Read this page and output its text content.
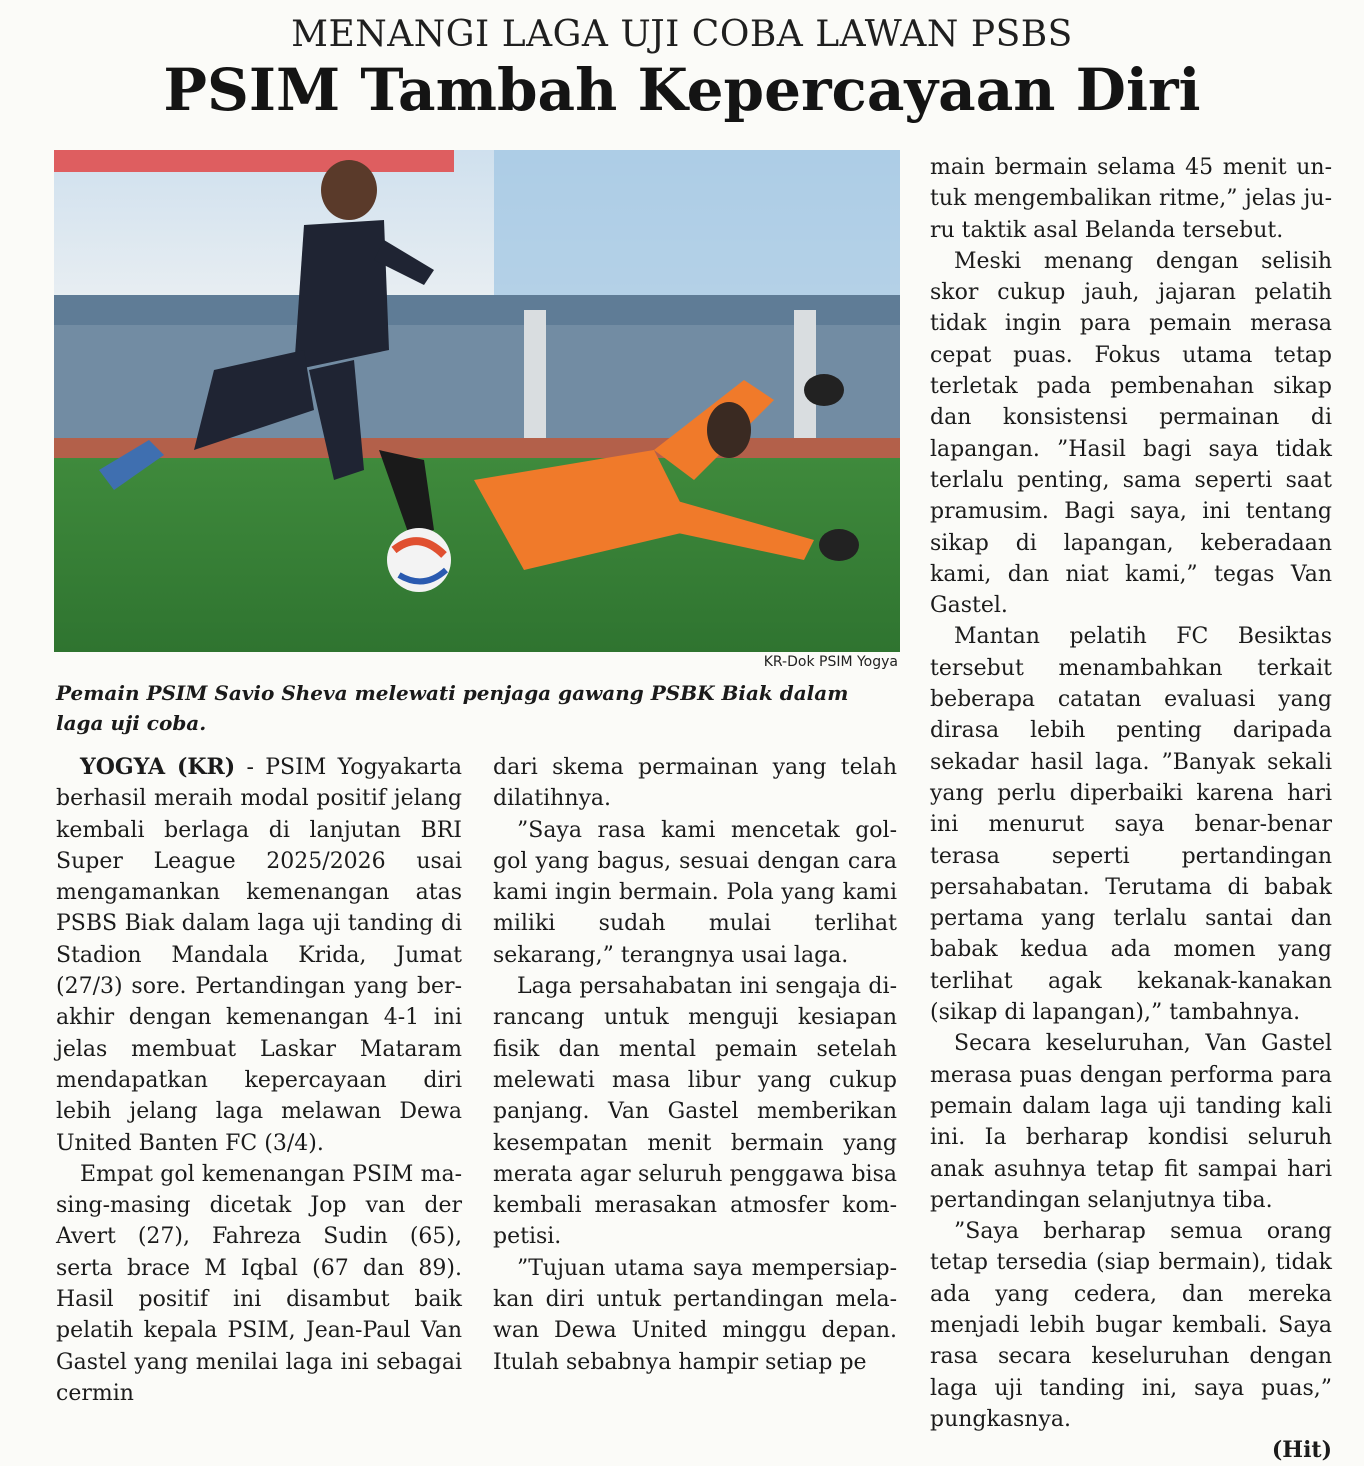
MENANGI LAGA UJI COBA LAWAN PSBS
PSIM Tambah Kepercayaan Diri
KR-Dok PSIM Yogya
Pemain PSIM Savio Sheva melewati penjaga gawang PSBK Biak dalam laga uji coba.

YOGYA (KR) - PSIM Yogyakarta berhasil meraih modal positif jelang kembali berlaga di lanjutan BRI Super League 2025/2026 usai mengamankan kemenangan atas PSBS Biak dalam laga uji tanding di Stadion Mandala Krida, Jumat (27/3) sore. Pertandingan yang berakhir dengan kemenangan 4-1 ini jelas membuat Laskar Mataram mendapatkan kepercayaan diri lebih jelang laga melawan Dewa United Banten FC (3/4).

Empat gol kemenangan PSIM masing-masing dicetak Jop van der Avert (27), Fahreza Sudin (65), serta brace M Iqbal (67 dan 89). Hasil positif ini disambut baik pelatih kepala PSIM, Jean-Paul Van Gastel yang menilai laga ini sebagai cermin

dari skema permainan yang telah dilatihnya.

”Saya rasa kami mencetak gol-gol yang bagus, sesuai dengan cara kami ingin bermain. Pola yang kami miliki sudah mulai terlihat sekarang,” terangnya usai laga.

Laga persahabatan ini sengaja dirancang untuk menguji kesiapan fisik dan mental pemain setelah melewati masa libur yang cukup panjang. Van Gastel memberikan kesempatan menit bermain yang merata agar seluruh penggawa bisa kembali merasakan atmosfer kompetisi.

”Tujuan utama saya mempersiapkan diri untuk pertandingan melawan Dewa United minggu depan. Itulah sebabnya hampir setiap pe

main bermain selama 45 menit untuk mengembalikan ritme,” jelas juru taktik asal Belanda tersebut.

Meski menang dengan selisih skor cukup jauh, jajaran pelatih tidak ingin para pemain merasa cepat puas. Fokus utama tetap terletak pada pembenahan sikap dan konsistensi permainan di lapangan. ”Hasil bagi saya tidak terlalu penting, sama seperti saat pramusim. Bagi saya, ini tentang sikap di lapangan, keberadaan kami, dan niat kami,” tegas Van Gastel.

Mantan pelatih FC Besiktas tersebut menambahkan terkait beberapa catatan evaluasi yang dirasa lebih penting daripada sekadar hasil laga. ”Banyak sekali yang perlu diperbaiki karena hari ini menurut saya benar-benar terasa seperti pertandingan persahabatan. Terutama di babak pertama yang terlalu santai dan babak kedua ada momen yang terlihat agak kekanak-kanakan (sikap di lapangan),” tambahnya.

Secara keseluruhan, Van Gastel merasa puas dengan performa para pemain dalam laga uji tanding kali ini. Ia berharap kondisi seluruh anak asuhnya tetap fit sampai hari pertandingan selanjutnya tiba.

”Saya berharap semua orang tetap tersedia (siap bermain), tidak ada yang cedera, dan mereka menjadi lebih bugar kembali. Saya rasa secara keseluruhan dengan laga uji tanding ini, saya puas,” pungkasnya.

(Hit)
